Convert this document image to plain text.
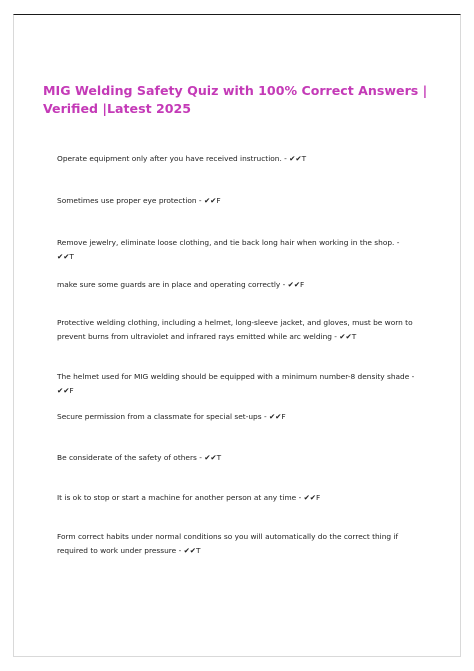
MIG Welding Safety Quiz with 100% Correct Answers | Verified |Latest 2025

Operate equipment only after you have received instruction. - ✔✔T

Sometimes use proper eye protection - ✔✔F

Remove jewelry, eliminate loose clothing, and tie back long hair when working in the shop. - ✔✔T

make sure some guards are in place and operating correctly - ✔✔F

Protective welding clothing, including a helmet, long-sleeve jacket, and gloves, must be worn to prevent burns from ultraviolet and infrared rays emitted while arc welding - ✔✔T

The helmet used for MIG welding should be equipped with a minimum number-8 density shade - ✔✔F

Secure permission from a classmate for special set-ups - ✔✔F

Be considerate of the safety of others - ✔✔T

It is ok to stop or start a machine for another person at any time - ✔✔F

Form correct habits under normal conditions so you will automatically do the correct thing if required to work under pressure - ✔✔T
